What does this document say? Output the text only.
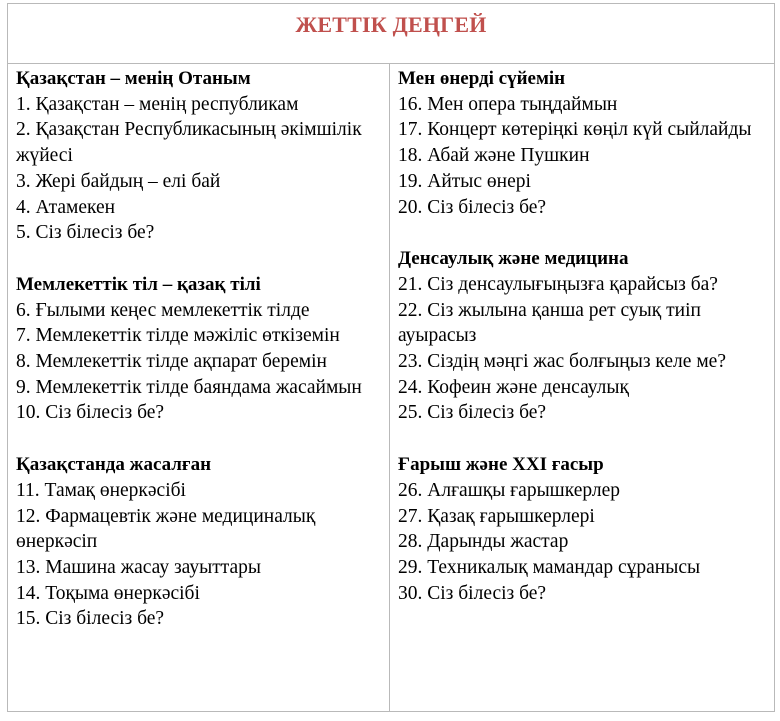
ЖЕТТІК ДЕҢГЕЙ
Қазақстан – менің Отаным
1. Қазақстан – менің республикам
2. Қазақстан Республикасының әкімшілік жүйесі
3. Жері байдың – елі бай
4. Атамекен
5. Сіз білесіз бе?
Мемлекеттік тіл – қазақ тілі
6. Ғылыми кеңес мемлекеттік тілде
7. Мемлекеттік тілде мәжіліс өткіземін
8. Мемлекеттік тілде ақпарат беремін
9. Мемлекеттік тілде баяндама жасаймын
10. Сіз білесіз бе?
Қазақстанда жасалған
11. Тамақ өнеркәсібі
12. Фармацевтік және медициналық өнеркәсіп
13. Машина жасау зауыттары
14. Тоқыма өнеркәсібі
15. Сіз білесіз бе?
Мен өнерді сүйемін
16. Мен опера тыңдаймын
17. Концерт көтеріңкі көңіл күй сыйлайды
18. Абай және Пушкин
19. Айтыс өнері
20. Сіз білесіз бе?
Денсаулық және медицина
21. Сіз денсаулығыңызға қарайсыз ба?
22. Сіз жылына қанша рет суық тиіп ауырасыз
23. Сіздің мәңгі жас болғыңыз келе ме?
24. Кофеин және денсаулық
25. Сіз білесіз бе?
Ғарыш және ХХІ ғасыр
26. Алғашқы ғарышкерлер
27. Қазақ ғарышкерлері
28. Дарынды жастар
29. Техникалық мамандар сұранысы
30. Сіз білесіз бе?
